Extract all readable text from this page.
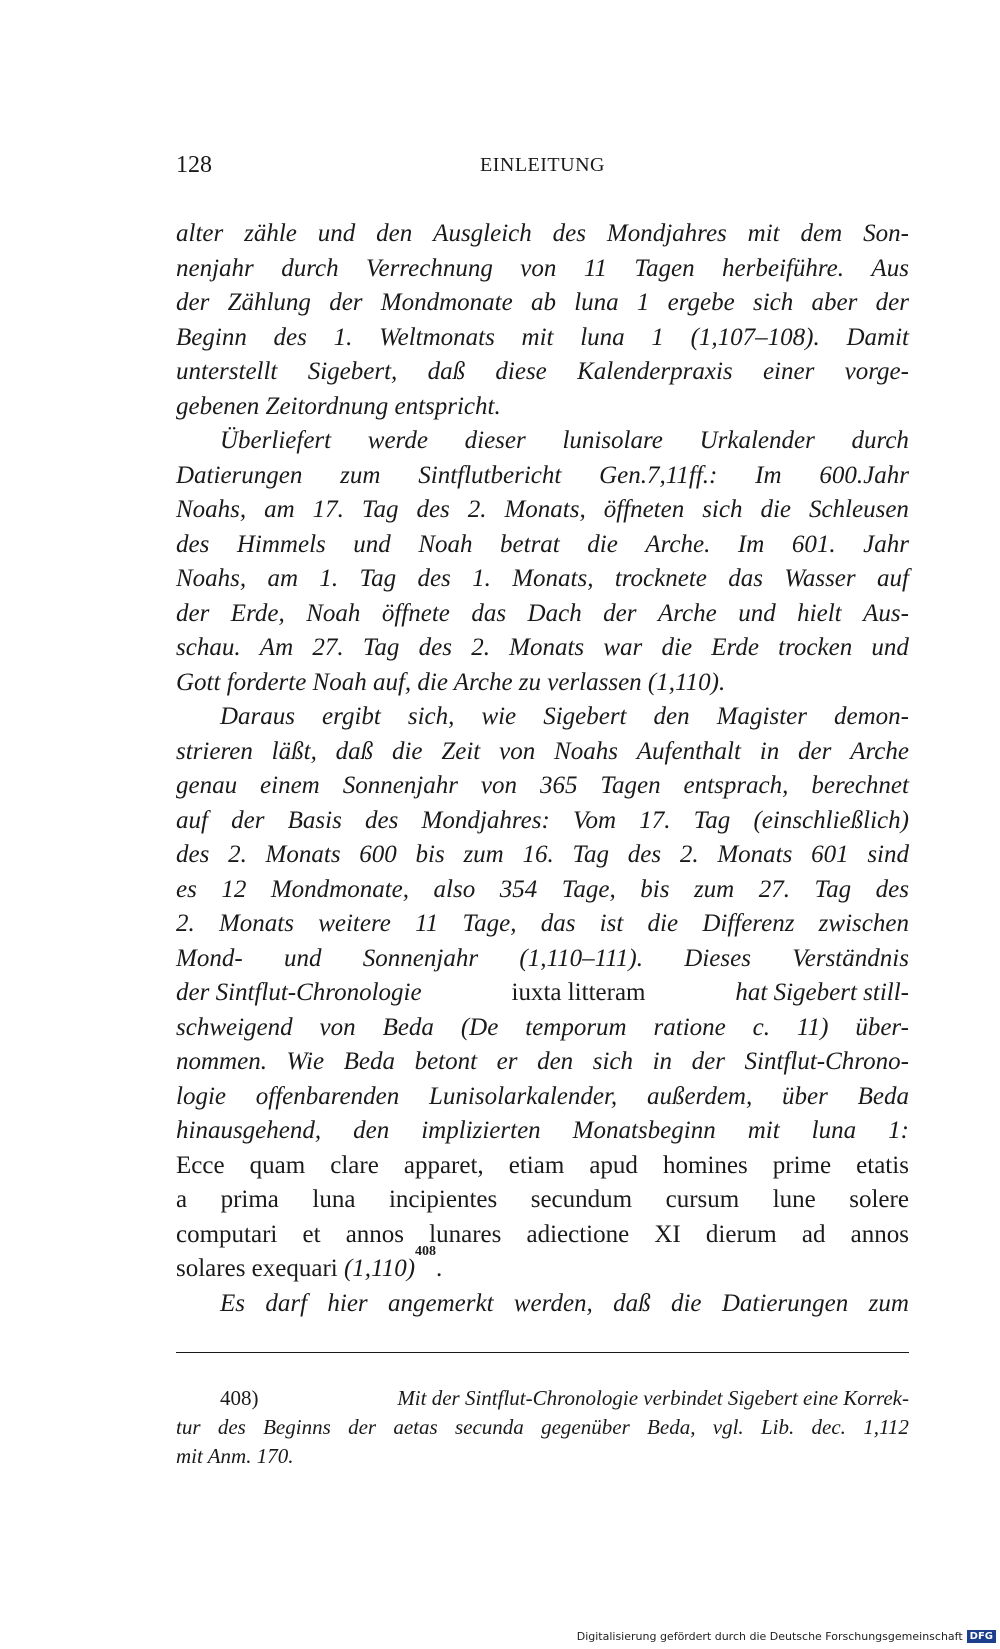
128	EINLEITUNG
alter zähle und den Ausgleich des Mondjahres mit dem Son-
nenjahr durch Verrechnung von 11 Tagen herbeiführe. Aus
der Zählung der Mondmonate ab luna 1 ergebe sich aber der
Beginn des 1. Weltmonats mit luna 1 (1,107–108). Damit
unterstellt Sigebert, daß diese Kalenderpraxis einer vorge-
gebenen Zeitordnung entspricht.
Überliefert werde dieser lunisolare Urkalender durch
Datierungen zum Sintflutbericht Gen.7,11ff.: Im 600.Jahr
Noahs, am 17. Tag des 2. Monats, öffneten sich die Schleusen
des Himmels und Noah betrat die Arche. Im 601. Jahr
Noahs, am 1. Tag des 1. Monats, trocknete das Wasser auf
der Erde, Noah öffnete das Dach der Arche und hielt Aus-
schau. Am 27. Tag des 2. Monats war die Erde trocken und
Gott forderte Noah auf, die Arche zu verlassen (1,110).
Daraus ergibt sich, wie Sigebert den Magister demon-
strieren läßt, daß die Zeit von Noahs Aufenthalt in der Arche
genau einem Sonnenjahr von 365 Tagen entsprach, berechnet
auf der Basis des Mondjahres: Vom 17. Tag (einschließlich)
des 2. Monats 600 bis zum 16. Tag des 2. Monats 601 sind
es 12 Mondmonate, also 354 Tage, bis zum 27. Tag des
2. Monats weitere 11 Tage, das ist die Differenz zwischen
Mond- und Sonnenjahr (1,110–111). Dieses Verständnis
der Sintflut-Chronologie	iuxta litteram	hat Sigebert still-
schweigend von Beda (De temporum ratione c. 11) über-
nommen. Wie Beda betont er den sich in der Sintflut-Chrono-
logie offenbarenden Lunisolarkalender, außerdem, über Beda
hinausgehend, den implizierten Monatsbeginn mit luna 1:
Ecce quam clare apparet, etiam apud homines prime etatis
a prima luna incipientes secundum cursum lune solere
computari et annos lunares adiectione XI dierum ad annos
solares exequari (1,110)
408
.
Es darf hier angemerkt werden, daß die Datierungen zum
408)	Mit der Sintflut-Chronologie verbindet Sigebert eine Korrek-
tur des Beginns der aetas secunda gegenüber Beda, vgl. Lib. dec. 1,112
mit Anm. 170.
Digitalisierung gefördert durch die Deutsche Forschungsgemeinschaft DFG
